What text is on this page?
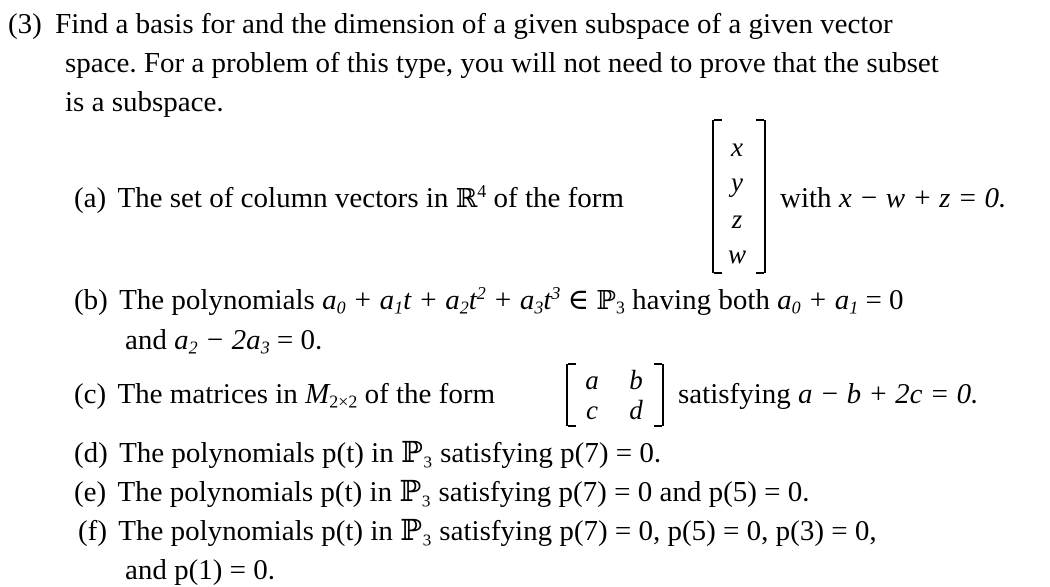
(3) Find a basis for and the dimension of a given subspace of a given vector
space. For a problem of this type, you will not need to prove that the subset
is a subspace.
(a) The set of column vectors in ℝ$^4$ of the form
x
y
z
w
with x − w + z = 0.
(b) The polynomials $a_0 + a_1t + a_2t^2 + a_3t^3$ ∈ ℙ$_3$ having both $a_0 + a_1 = 0$
and $a_2 - 2a_3 = 0$.
(c) The matrices in $M_{2\times 2}$ of the form	a b
c d satisfying a − b + 2c = 0.
(d) The polynomials p(t) in ℙ₃ satisfying p(7) = 0.
(e) The polynomials p(t) in ℙ₃ satisfying p(7) = 0 and p(5) = 0.
(f) The polynomials p(t) in ℙ₃ satisfying p(7) = 0, p(5) = 0, p(3) = 0,
and p(1) = 0.
